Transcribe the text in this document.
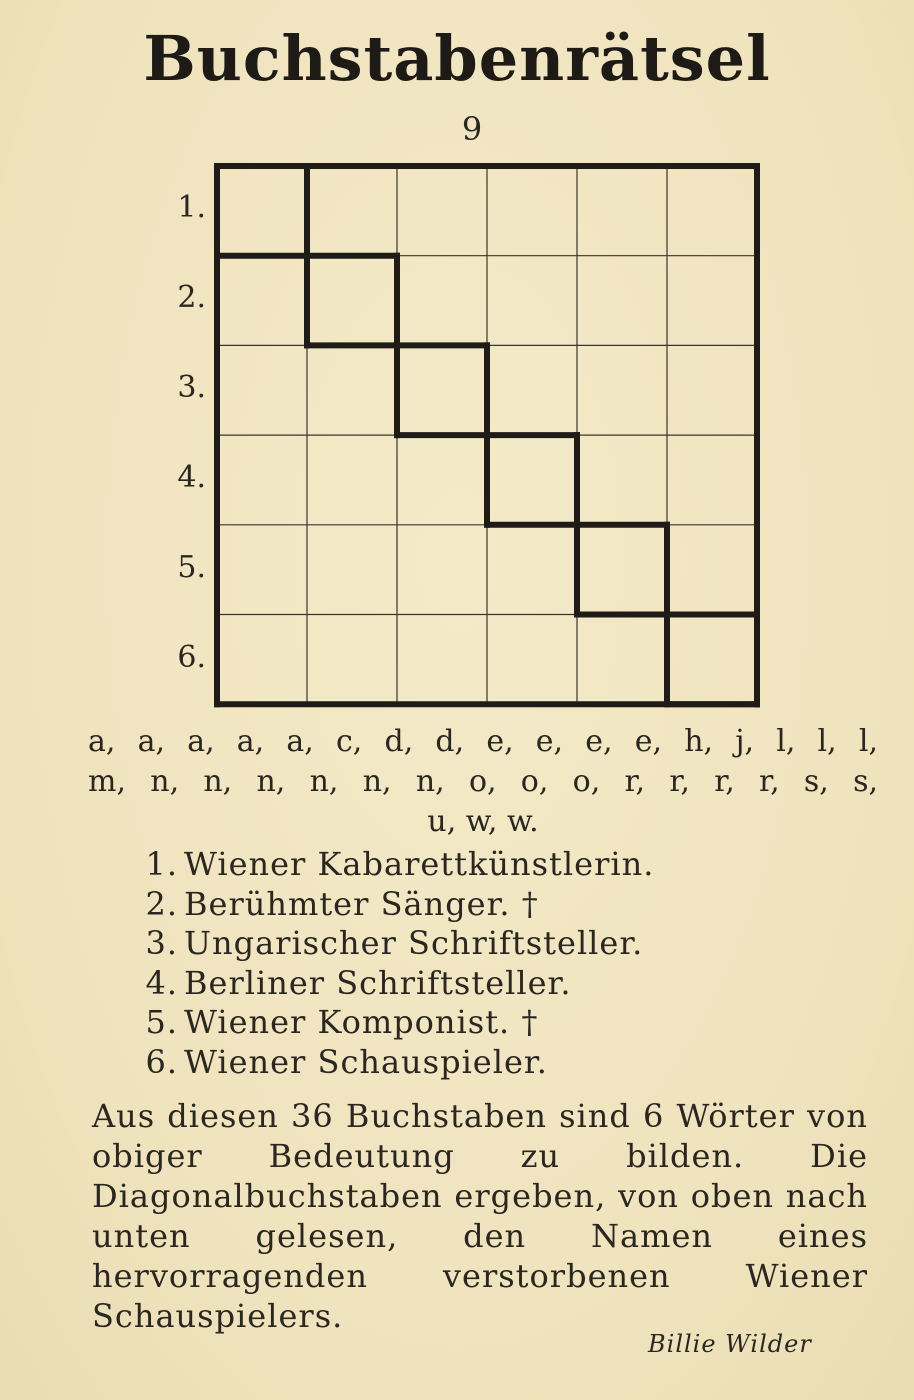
Buchstabenrätsel
9
1.
2.
3.
4.
5.
6.
a, a, a, a, a, c, d, d, e, e, e, e, h, j, l, l, l,
m, n, n, n, n, n, n, o, o, o, r, r, r, r, s, s,
u, w, w.
1. Wiener Kabarettkünstlerin.
2. Berühmter Sänger. †
3. Ungarischer Schriftsteller.
4. Berliner Schriftsteller.
5. Wiener Komponist. †
6. Wiener Schauspieler.
Aus diesen 36 Buchstaben sind 6 Wörter von obiger Bedeutung zu bilden. Die Diagonalbuchstaben ergeben, von oben nach unten gelesen, den Namen eines hervorragenden verstorbenen Wiener Schauspielers.
Billie Wilder
